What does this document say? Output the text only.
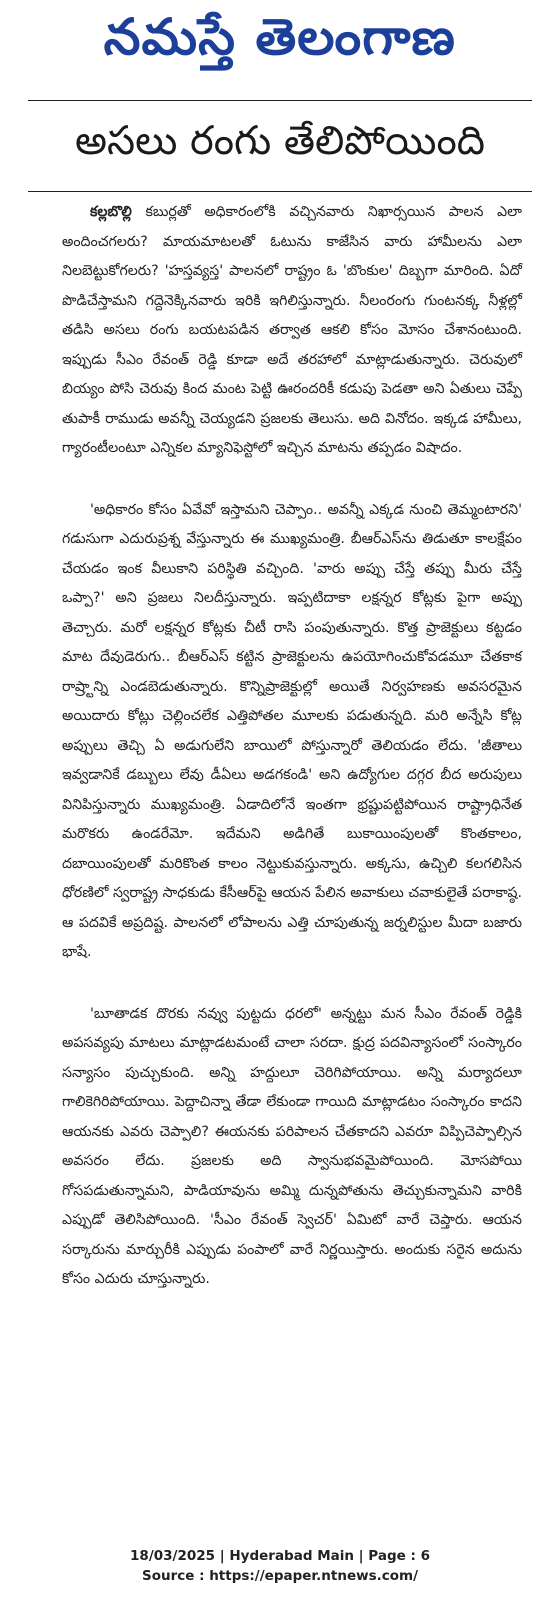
నమస్తే తెలంగాణ
అసలు రంగు తేలిపోయింది

కల్లబొల్లి కబుర్లతో అధికారంలోకి వచ్చినవారు నిఖార్సయిన పాలన ఎలా అందించగలరు? మాయమాటలతో ఓటును కాజేసిన వారు హామీలను ఎలా నిలబెట్టుకోగలరు? 'హస్తవ్యస్త' పాలనలో రాష్ట్రం ఓ 'బొంకుల' దిబ్బగా మారింది. ఏదో పొడిచేస్తామని గద్దెనెక్కినవారు ఇరికి ఇగిలిస్తున్నారు. నీలంరంగు గుంటనక్క నీళ్లల్లో తడిసి అసలు రంగు బయటపడిన తర్వాత ఆకలి కోసం మోసం చేశానంటుంది. ఇప్పుడు సీఎం రేవంత్ రెడ్డి కూడా అదే తరహాలో మాట్లాడుతున్నారు. చెరువులో బియ్యం పోసి చెరువు కింద మంట పెట్టి ఊరందరికీ కడుపు పెడతా అని ఏతులు చెప్పే తుపాకీ రాముడు అవన్నీ చెయ్యడని ప్రజలకు తెలుసు. అది వినోదం. ఇక్కడ హామీలు, గ్యారంటీలంటూ ఎన్నికల మ్యానిఫెస్టోలో ఇచ్చిన మాటను తప్పడం విషాదం.

'అధికారం కోసం ఏవేవో ఇస్తామని చెప్పాం.. అవన్నీ ఎక్కడ నుంచి తెమ్మంటారని' గడుసుగా ఎదురుప్రశ్న వేస్తున్నారు ఈ ముఖ్యమంత్రి. బీఆర్ఎస్‌ను తిడుతూ కాలక్షేపం చేయడం ఇంక వీలుకాని పరిస్థితి వచ్చింది. 'వారు అప్పు చేస్తే తప్పు మీరు చేస్తే ఒప్పా?' అని ప్రజలు నిలదీస్తున్నారు. ఇప్పటిదాకా లక్షన్నర కోట్లకు పైగా అప్పు తెచ్చారు. మరో లక్షన్నర కోట్లకు చీటీ రాసి పంపుతున్నారు. కొత్త ప్రాజెక్టులు కట్టడం మాట దేవుడెరుగు.. బీఆర్ఎస్ కట్టిన ప్రాజెక్టులను ఉపయోగించుకోవడమూ చేతకాక రాష్ర్టాన్ని ఎండబెడుతున్నారు. కొన్నిప్రాజెక్టుల్లో అయితే నిర్వహణకు అవసరమైన అయిదారు కోట్లు చెల్లించలేక ఎత్తిపోతల మూలకు పడుతున్నది. మరి అన్నేసి కోట్ల అప్పులు తెచ్చి ఏ అడుగులేని బాయిలో పోస్తున్నారో తెలియడం లేదు. 'జీతాలు ఇవ్వడానికే డబ్బులు లేవు డీఏలు అడగకండి' అని ఉద్యోగుల దగ్గర బీద అరుపులు వినిపిస్తున్నారు ముఖ్యమంత్రి. ఏడాదిలోనే ఇంతగా భ్రష్టుపట్టిపోయిన రాష్ట్రాధినేత మరొకరు ఉండరేమో. ఇదేమని అడిగితే బుకాయింపులతో కొంతకాలం, దబాయింపులతో మరికొంత కాలం నెట్టుకువస్తున్నారు. అక్కసు, ఉచ్చిలి కలగలిసిన ధోరణిలో స్వరాష్ట్ర సాధకుడు కేసీఆర్‌పై ఆయన పేలిన అవాకులు చవాకులైతే పరాకాష్ఠ. ఆ పదవికే అప్రదిష్ట. పాలనలో లోపాలను ఎత్తి చూపుతున్న జర్నలిస్టుల మీదా బజారు భాషే.

'బూతాడక దొరకు నవ్వు పుట్టదు ధరలో' అన్నట్టు మన సీఎం రేవంత్ రెడ్డికి అపసవ్యపు మాటలు మాట్లాడటమంటే చాలా సరదా. క్షుద్ర పదవిన్యాసంలో సంస్కారం సన్యాసం పుచ్చుకుంది. అన్ని హద్దులూ చెరిగిపోయాయి. అన్ని మర్యాదలూ గాలికెగిరిపోయాయి. పెద్దాచిన్నా తేడా లేకుండా గాయిది మాట్లాడటం సంస్కారం కాదని ఆయనకు ఎవరు చెప్పాలి? ఈయనకు పరిపాలన చేతకాదని ఎవరూ విప్పిచెప్పాల్సిన అవసరం లేదు. ప్రజలకు అది స్వానుభవమైపోయింది. మోసపోయి గోసపడుతున్నామని, పాడియావును అమ్మి దున్నపోతును తెచ్చుకున్నామని వారికి ఎప్పుడో తెలిసిపోయింది. 'సీఎం రేవంత్ స్వెచర్' ఏమిటో వారే చెప్తారు. ఆయన సర్కారును మార్చురీకి ఎప్పుడు పంపాలో వారే నిర్ణయిస్తారు. అందుకు సరైన అదును కోసం ఎదురు చూస్తున్నారు.

18/03/2025 | Hyderabad Main | Page : 6
Source : https://epaper.ntnews.com/
